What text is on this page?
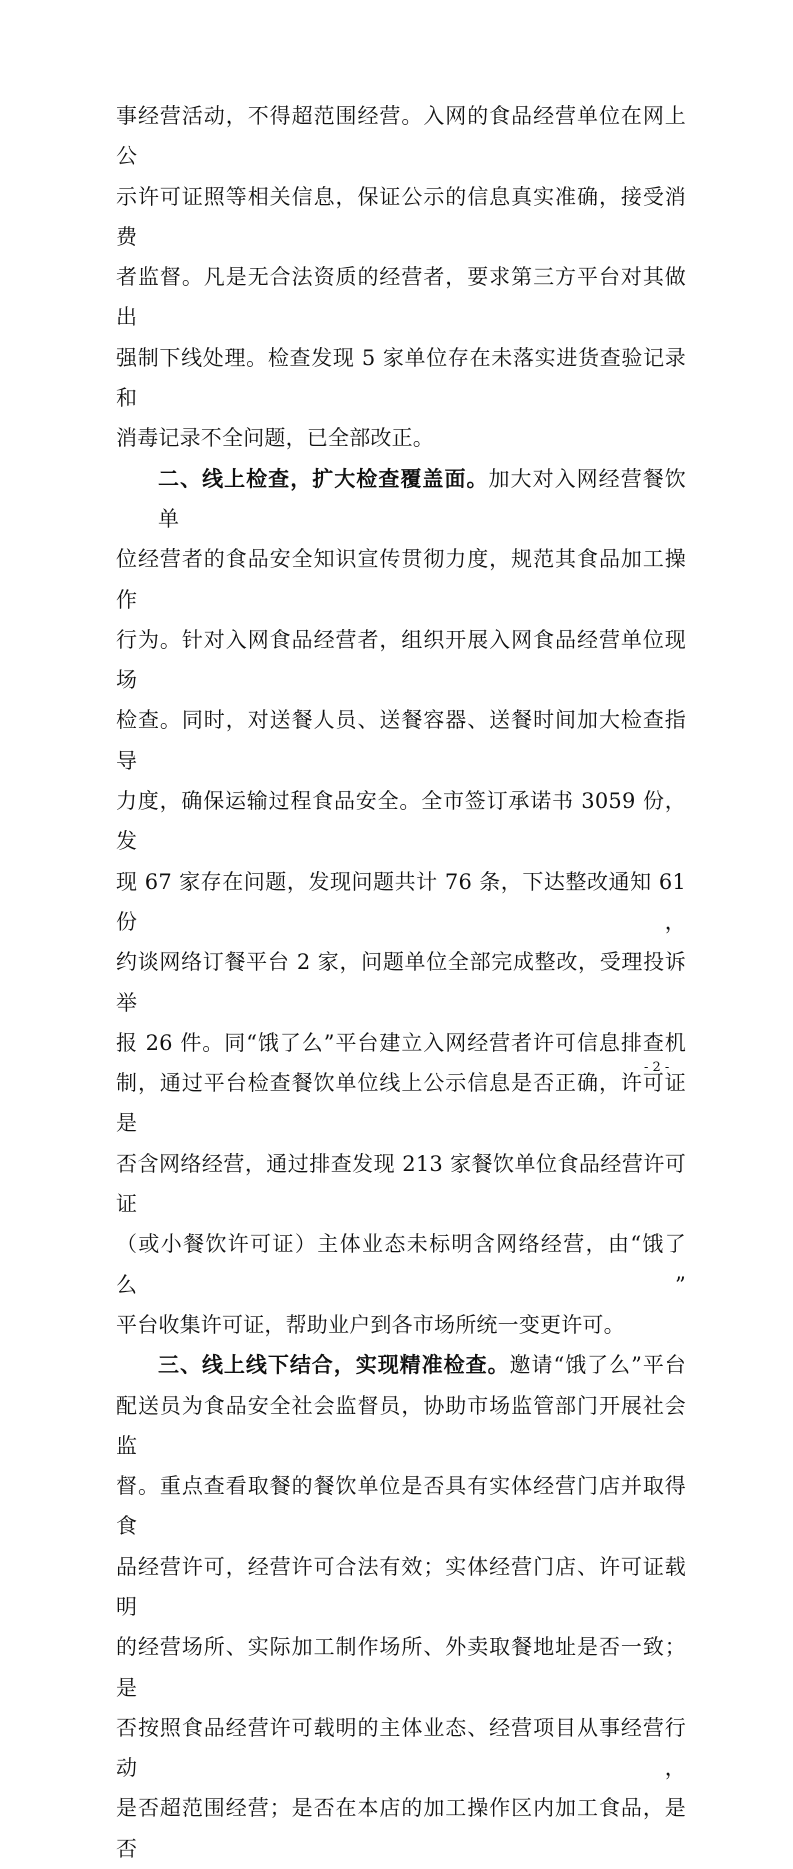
事经营活动，不得超范围经营。入网的食品经营单位在网上公
示许可证照等相关信息，保证公示的信息真实准确，接受消费
者监督。凡是无合法资质的经营者，要求第三方平台对其做出
强制下线处理。检查发现 5 家单位存在未落实进货查验记录和
消毒记录不全问题，已全部改正。

二、线上检查，扩大检查覆盖面。加大对入网经营餐饮单
位经营者的食品安全知识宣传贯彻力度，规范其食品加工操作
行为。针对入网食品经营者，组织开展入网食品经营单位现场
检查。同时，对送餐人员、送餐容器、送餐时间加大检查指导
力度，确保运输过程食品安全。全市签订承诺书 3059 份，发
现 67 家存在问题，发现问题共计 76 条，下达整改通知 61 份，
约谈网络订餐平台 2 家，问题单位全部完成整改，受理投诉举
报 26 件。同“饿了么”平台建立入网经营者许可信息排查机
制，通过平台检查餐饮单位线上公示信息是否正确，许可证是
否含网络经营，通过排查发现 213 家餐饮单位食品经营许可证
（或小餐饮许可证）主体业态未标明含网络经营，由“饿了么”
平台收集许可证，帮助业户到各市场所统一变更许可。

三、线上线下结合，实现精准检查。邀请“饿了么”平台
配送员为食品安全社会监督员，协助市场监管部门开展社会监
督。重点查看取餐的餐饮单位是否具有实体经营门店并取得食
品经营许可，经营许可合法有效；实体经营门店、许可证载明
的经营场所、实际加工制作场所、外卖取餐地址是否一致；是
否按照食品经营许可载明的主体业态、经营项目从事经营行动，
是否超范围经营；是否在本店的加工操作区内加工食品，是否

- 2 -
